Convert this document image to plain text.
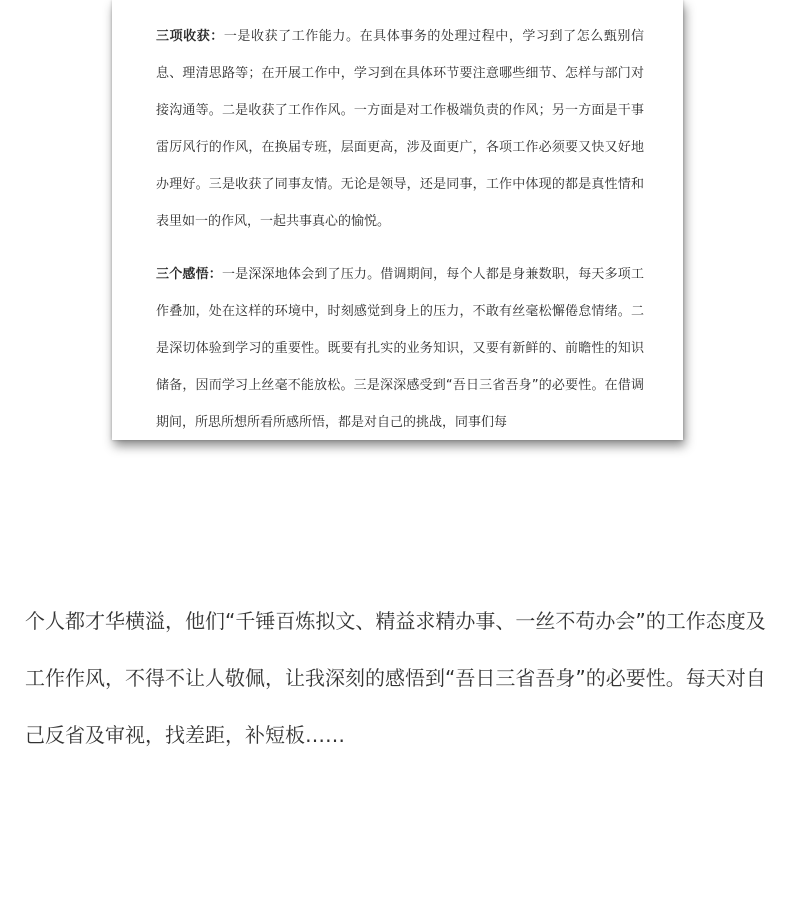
三项收获：一是收获了工作能力。在具体事务的处理过程中，学习到了怎么甄别信息、理清思路等；在开展工作中，学习到在具体环节要注意哪些细节、怎样与部门对接沟通等。二是收获了工作作风。一方面是对工作极端负责的作风；另一方面是干事雷厉风行的作风，在换届专班，层面更高，涉及面更广，各项工作必须要又快又好地办理好。三是收获了同事友情。无论是领导，还是同事，工作中体现的都是真性情和表里如一的作风，一起共事真心的愉悦。

三个感悟：一是深深地体会到了压力。借调期间，每个人都是身兼数职，每天多项工作叠加，处在这样的环境中，时刻感觉到身上的压力，不敢有丝毫松懈倦怠情绪。二是深切体验到学习的重要性。既要有扎实的业务知识，又要有新鲜的、前瞻性的知识储备，因而学习上丝毫不能放松。三是深深感受到“吾日三省吾身”的必要性。在借调期间，所思所想所看所感所悟，都是对自己的挑战，同事们每

个人都才华横溢，他们“千锤百炼拟文、精益求精办事、一丝不苟办会”的工作态度及工作作风，不得不让人敬佩，让我深刻的感悟到“吾日三省吾身”的必要性。每天对自己反省及审视，找差距，补短板……
